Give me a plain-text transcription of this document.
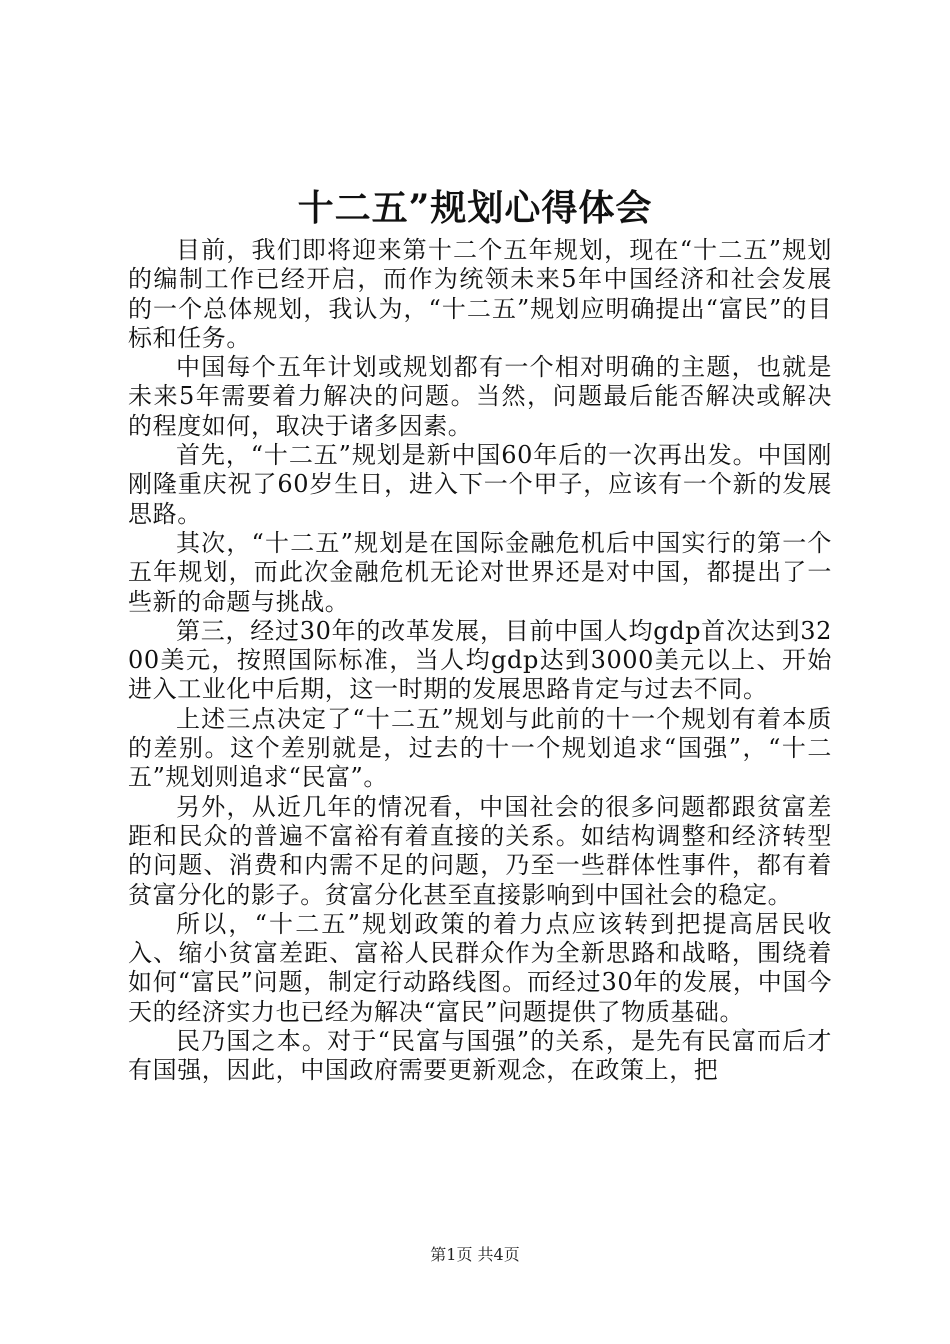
十二五”规划心得体会

目前，我们即将迎来第十二个五年规划，现在“十二五”规划的编制工作已经开启，而作为统领未来5年中国经济和社会发展的一个总体规划，我认为，“十二五”规划应明确提出“富民”的目标和任务。

中国每个五年计划或规划都有一个相对明确的主题，也就是未来5年需要着力解决的问题。当然，问题最后能否解决或解决的程度如何，取决于诸多因素。

首先，“十二五”规划是新中国60年后的一次再出发。中国刚刚隆重庆祝了60岁生日，进入下一个甲子，应该有一个新的发展思路。

其次，“十二五”规划是在国际金融危机后中国实行的第一个五年规划，而此次金融危机无论对世界还是对中国，都提出了一些新的命题与挑战。

第三，经过30年的改革发展，目前中国人均gdp首次达到3200美元，按照国际标准，当人均gdp达到3000美元以上、开始进入工业化中后期，这一时期的发展思路肯定与过去不同。

上述三点决定了“十二五”规划与此前的十一个规划有着本质的差别。这个差别就是，过去的十一个规划追求“国强”，“十二五”规划则追求“民富”。

另外，从近几年的情况看，中国社会的很多问题都跟贫富差距和民众的普遍不富裕有着直接的关系。如结构调整和经济转型的问题、消费和内需不足的问题，乃至一些群体性事件，都有着贫富分化的影子。贫富分化甚至直接影响到中国社会的稳定。

所以，“十二五”规划政策的着力点应该转到把提高居民收入、缩小贫富差距、富裕人民群众作为全新思路和战略，围绕着如何“富民”问题，制定行动路线图。而经过30年的发展，中国今天的经济实力也已经为解决“富民”问题提供了物质基础。

民乃国之本。对于“民富与国强”的关系，是先有民富而后才有国强，因此，中国政府需要更新观念，在政策上，把

第1页 共4页
